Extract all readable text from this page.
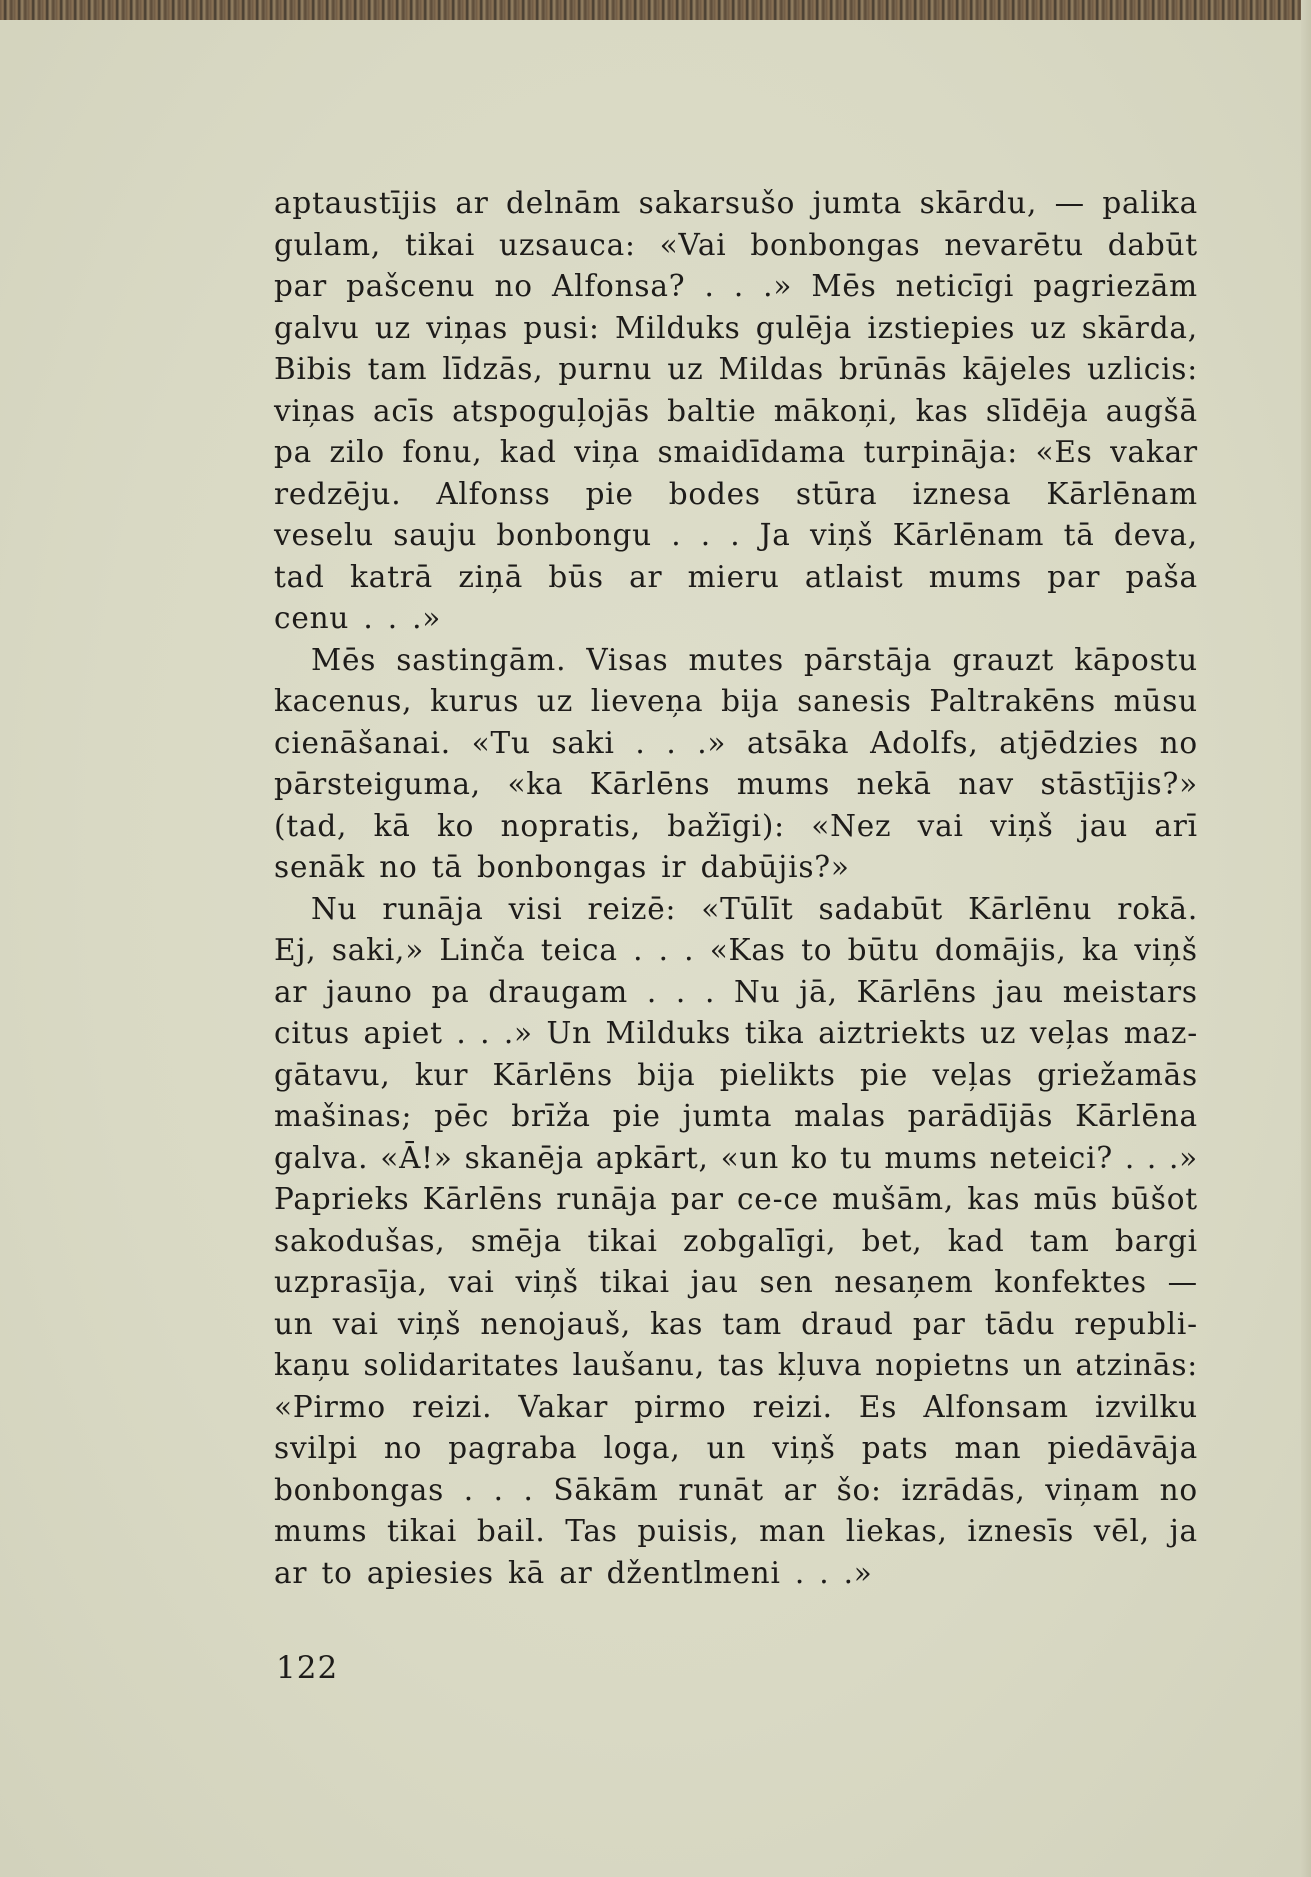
aptaustījis ar delnām sakarsušo jumta skārdu, — palika
gulam, tikai uzsauca: «Vai bonbongas nevarētu dabūt
par pašcenu no Alfonsa? . . .» Mēs neticīgi pagriezām
galvu uz viņas pusi: Milduks gulēja izstiepies uz skārda,
Bibis tam līdzās, purnu uz Mildas brūnās kājeles uzlicis:
viņas acīs atspoguļojās baltie mākoņi, kas slīdēja augšā
pa zilo fonu, kad viņa smaidīdama turpināja: «Es vakar
redzēju. Alfonss pie bodes stūra iznesa Kārlēnam
veselu sauju bonbongu . . . Ja viņš Kārlēnam tā deva,
tad katrā ziņā būs ar mieru atlaist mums par paša
cenu . . .»
Mēs sastingām. Visas mutes pārstāja grauzt kāpostu
kacenus, kurus uz lieveņa bija sanesis Paltrakēns mūsu
cienāšanai. «Tu saki . . .» atsāka Adolfs, atjēdzies no
pārsteiguma, «ka Kārlēns mums nekā nav stāstījis?»
(tad, kā ko nopratis, bažīgi): «Nez vai viņš jau arī
senāk no tā bonbongas ir dabūjis?»
Nu runāja visi reizē: «Tūlīt sadabūt Kārlēnu rokā.
Ej, saki,» Linča teica . . . «Kas to būtu domājis, ka viņš
ar jauno pa draugam . . . Nu jā, Kārlēns jau meistars
citus apiet . . .» Un Milduks tika aiztriekts uz veļas maz-
gātavu, kur Kārlēns bija pielikts pie veļas griežamās
mašinas; pēc brīža pie jumta malas parādījās Kārlēna
galva. «Ā!» skanēja apkārt, «un ko tu mums neteici? . . .»
Paprieks Kārlēns runāja par ce-ce mušām, kas mūs būšot
sakodušas, smēja tikai zobgalīgi, bet, kad tam bargi
uzprasīja, vai viņš tikai jau sen nesaņem konfektes —
un vai viņš nenojauš, kas tam draud par tādu republi-
kaņu solidaritates laušanu, tas kļuva nopietns un atzinās:
«Pirmo reizi. Vakar pirmo reizi. Es Alfonsam izvilku
svilpi no pagraba loga, un viņš pats man piedāvāja
bonbongas . . . Sākām runāt ar šo: izrādās, viņam no
mums tikai bail. Tas puisis, man liekas, iznesīs vēl, ja
ar to apiesies kā ar džentlmeni . . .»
122
